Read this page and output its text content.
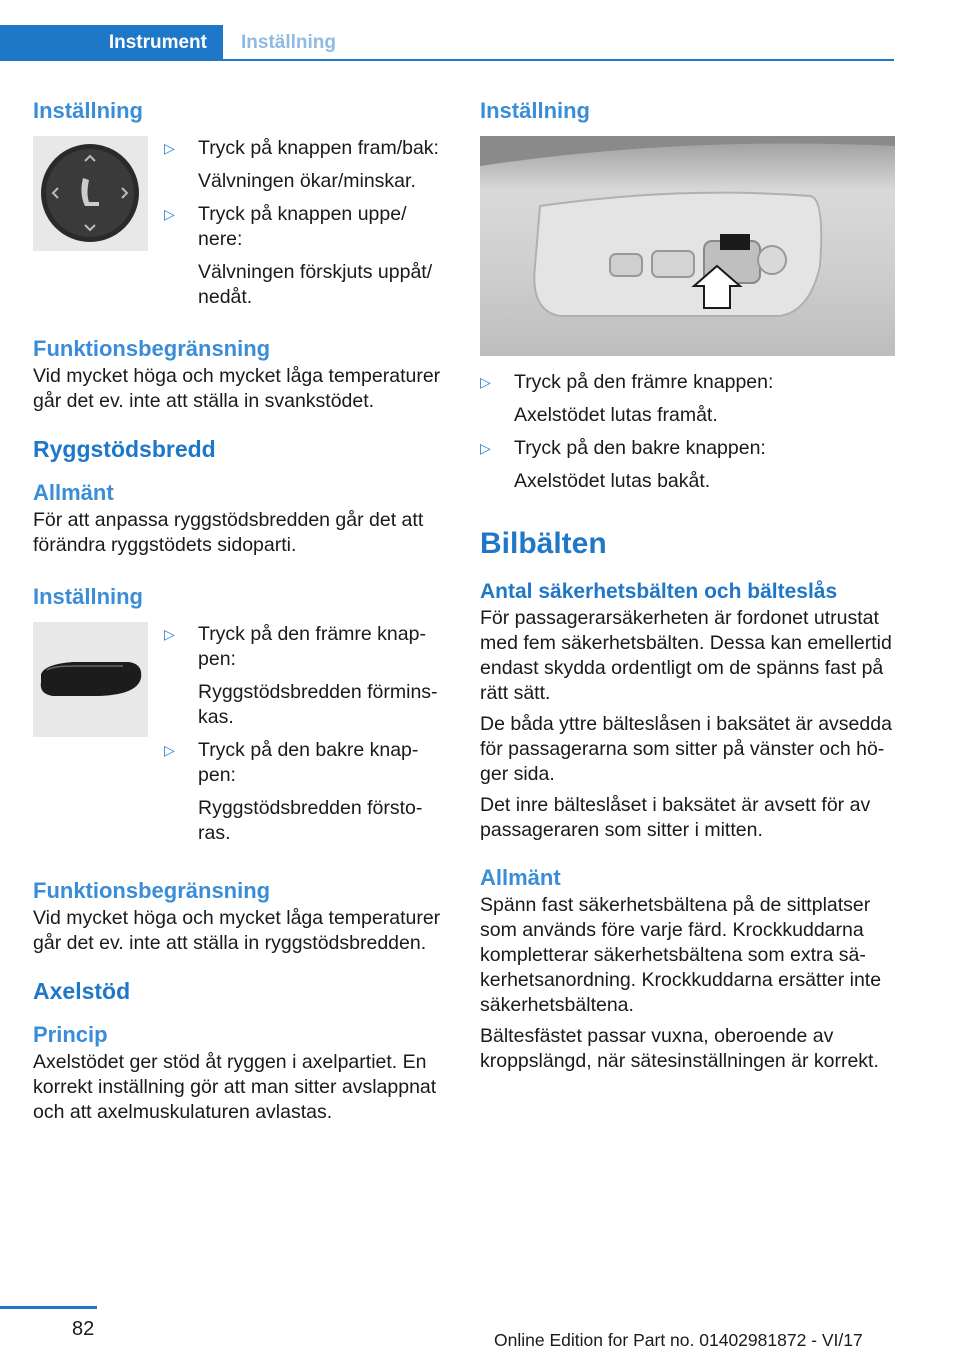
Instrument	Inställning
Inställning
▷ Tryck på knappen fram/bak:
Välvningen ökar/minskar.
▷ Tryck på knappen uppe/ nere:
Välvningen förskjuts uppåt/ nedåt.
Funktionsbegränsning

Vid mycket höga och mycket låga temperaturer går det ev. inte att ställa in svankstödet.

Ryggstödsbredd
Allmänt

För att anpassa ryggstödsbredden går det att förändra ryggstödets sidoparti.

Inställning
▷ Tryck på den främre knappen:
Ryggstödsbredden förminskas.
▷ Tryck på den bakre knappen:
Ryggstödsbredden förstoras.
Funktionsbegränsning

Vid mycket höga och mycket låga temperaturer går det ev. inte att ställa in ryggstödsbredden.

Axelstöd
Princip

Axelstödet ger stöd åt ryggen i axelpartiet. En korrekt inställning gör att man sitter avslappnat och att axelmuskulaturen avlastas.

Inställning
▷ Tryck på den främre knappen:
Axelstödet lutas framåt.
▷ Tryck på den bakre knappen:
Axelstödet lutas bakåt.
Bilbälten
Antal säkerhetsbälten och bälteslås

För passagerarsäkerheten är fordonet utrustat med fem säkerhetsbälten. Dessa kan emellertid endast skydda ordentligt om de spänns fast på rätt sätt.

De båda yttre bälteslåsen i baksätet är avsedda för passagerarna som sitter på vänster och höger sida.

Det inre bälteslåset i baksätet är avsett för av passageraren som sitter i mitten.

Allmänt

Spänn fast säkerhetsbältena på de sittplatser som används före varje färd. Krockkuddarna kompletterar säkerhetsbältena som extra säkerhetsanordning. Krockkuddarna ersätter inte säkerhetsbältena.

Bältesfästet passar vuxna, oberoende av kroppslängd, när sätesinställningen är korrekt.

82	Online Edition for Part no. 01402981872 - VI/17
